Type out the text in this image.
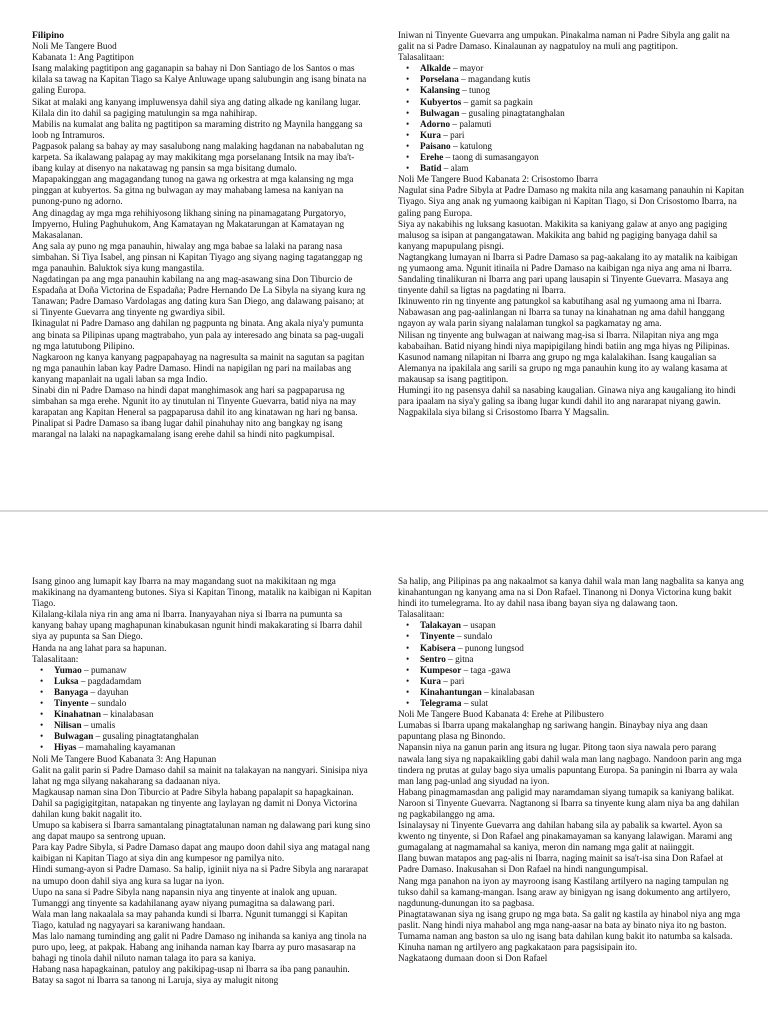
Filipino

Noli Me Tangere Buod

Kabanata 1: Ang Pagtitipon

Isang malaking pagtitipon ang gaganapin sa bahay ni Don Santiago de los Santos o mas kilala sa tawag na Kapitan Tiago sa Kalye Anluwage upang salubungin ang isang binata na galing Europa.

Sikat at malaki ang kanyang impluwensya dahil siya ang dating alkade ng kanilang lugar. Kilala din ito dahil sa pagiging matulungin sa mga nahihirap.

Mabilis na kumalat ang balita ng pagtitipon sa maraming distrito ng Maynila hanggang sa loob ng Intramuros.

Pagpasok palang sa bahay ay may sasalubong nang malaking hagdanan na nababalutan ng karpeta. Sa ikalawang palapag ay may makikitang mga porselanang Intsik na may iba't-ibang kulay at disenyo na nakatawag ng pansin sa mga bisitang dumalo.

Mapapakinggan ang magagandang tunog na gawa ng orkestra at mga kalansing ng mga pinggan at kubyertos. Sa gitna ng bulwagan ay may mahabang lamesa na kaniyan na punong-puno ng adorno.

Ang dinagdag ay mga mga rehihiyosong likhang sining na pinamagatang Purgatoryo, Impyerno, Huling Paghuhukom, Ang Kamatayan ng Makatarungan at Kamatayan ng Makasalanan.

Ang sala ay puno ng mga panauhin, hiwalay ang mga babae sa lalaki na parang nasa simbahan. Si Tiya Isabel, ang pinsan ni Kapitan Tiyago ang siyang naging tagatanggap ng mga panauhin. Baluktok siya kung mangastila.

Nagdatingan pa ang mga panauhin kabilang na ang mag-asawang sina Don Tiburcio de Espadaña at Doña Victorina de Espadaña; Padre Hernando De La Sibyla na siyang kura ng Tanawan; Padre Damaso Vardolagas ang dating kura San Diego, ang dalawang paisano; at si Tinyente Guevarra ang tinyente ng gwardiya sibil.

Ikinagulat ni Padre Damaso ang dahilan ng pagpunta ng binata. Ang akala niya'y pumunta ang binata sa Pilipinas upang magtrabaho, yun pala ay interesado ang binata sa pag-uugali ng mga latutubong Pilipino.

Nagkaroon ng kanya kanyang pagpapahayag na nagresulta sa mainit na sagutan sa pagitan ng mga panauhin laban kay Padre Damaso. Hindi na napigilan ng pari na mailabas ang kanyang mapanlait na ugali laban sa mga Indio.

Sinabi din ni Padre Damaso na hindi dapat manghimasok ang hari sa pagpaparusa ng simbahan sa mga erehe. Ngunit ito ay tinutulan ni Tinyente Guevarra, batid niya na may karapatan ang Kapitan Heneral sa pagpaparusa dahil ito ang kinatawan ng hari ng bansa.

Pinalipat si Padre Damaso sa ibang lugar dahil pinahuhay nito ang bangkay ng isang marangal na lalaki na napagkamalang isang erehe dahil sa hindi nito pagkumpisal.

Iniwan ni Tinyente Guevarra ang umpukan. Pinakalma naman ni Padre Sibyla ang galit na galit na si Padre Damaso. Kinalaunan ay nagpatuloy na muli ang pagtitipon.

Talasalitaan:

• Alkalde – mayor
• Porselana – magandang kutis
• Kalansing – tunog
• Kubyertos – gamit sa pagkain
• Bulwagan – gusaling pinagtatanghalan
• Adorno – palamuti
• Kura – pari
• Paisano – katulong
• Erehe – taong di sumasangayon
• Batid – alam

Noli Me Tangere Buod Kabanata 2: Crisostomo Ibarra

Nagulat sina Padre Sibyla at Padre Damaso ng makita nila ang kasamang panauhin ni Kapitan Tiyago. Siya ang anak ng yumaong kaibigan ni Kapitan Tiago, si Don Crisostomo Ibarra, na galing pang Europa.

Siya ay nakabihis ng luksang kasuotan. Makikita sa kaniyang galaw at anyo ang pagiging malusog sa isipan at pangangatawan. Makikita ang bahid ng pagiging banyaga dahil sa kanyang mapupulang pisngi.

Nagtangkang lumayan ni Ibarra si Padre Damaso sa pag-aakalang ito ay matalik na kaibigan ng yumaong ama. Ngunit itinaila ni Padre Damaso na kaibigan nga niya ang ama ni Ibarra.

Sandaling tinalikuran ni Ibarra ang pari upang lausapin si Tinyente Guevarra. Masaya ang tinyente dahil sa ligtas na pagdating ni Ibarra.

Ikinuwento rin ng tinyente ang patungkol sa kabutihang asal ng yumaong ama ni Ibarra. Nabawasan ang pag-aalinlangan ni Ibarra sa tunay na kinahatnan ng ama dahil hanggang ngayon ay wala parin siyang nalalaman tungkol sa pagkamatay ng ama.

Nilisan ng tinyente ang bulwagan at naiwang mag-isa si Ibarra. Nilapitan niya ang mga kababaihan. Batid niyang hindi niya mapipigilang hindi batiin ang mga hiyas ng Pilipinas.

Kasunod namang nilapitan ni Ibarra ang grupo ng mga kalalakihan. Isang kaugalian sa Alemanya na ipakilala ang sarili sa grupo ng mga panauhin kung ito ay walang kasama at makausap sa isang pagtitipon.

Humingi ito ng pasensya dahil sa nasabing kaugalian. Ginawa niya ang kaugaliang ito hindi para ipaalam na siya'y galing sa ibang lugar kundi dahil ito ang nararapat niyang gawin. Nagpakilala siya bilang si Crisostomo Ibarra Y Magsalin.

Isang ginoo ang lumapit kay Ibarra na may magandang suot na makikitaan ng mga makikinang na dyamanteng butones. Siya si Kapitan Tinong, matalik na kaibigan ni Kapitan Tiago.

Kilalang-kilala niya rin ang ama ni Ibarra. Inanyayahan niya si Ibarra na pumunta sa kanyang bahay upang maghapunan kinabukasan ngunit hindi makakarating si Ibarra dahil siya ay pupunta sa San Diego.

Handa na ang lahat para sa hapunan.

Talasalitaan:

• Yumao – pumanaw
• Luksa – pagdadamdam
• Banyaga – dayuhan
• Tinyente – sundalo
• Kinahatnan – kinalabasan
• Nilisan – umalis
• Bulwagan – gusaling pinagtatanghalan
• Hiyas – mamahaling kayamanan

Noli Me Tangere Buod Kabanata 3: Ang Hapunan

Galit na galit parin si Padre Damaso dahil sa mainit na talakayan na nangyari. Sinisipa niya lahat ng mga silyang nakaharang sa dadaanan niya.

Magkausap naman sina Don Tiburcio at Padre Sibyla habang papalapit sa hapagkainan. Dahil sa pagigigitgitan, natapakan ng tinyente ang laylayan ng damit ni Donya Victorina dahilan kung bakit nagalit ito.

Umupo sa kabisera si Ibarra samantalang pinagtatalunan naman ng dalawang pari kung sino ang dapat maupo sa sentrong upuan.

Para kay Padre Sibyla, si Padre Damaso dapat ang maupo doon dahil siya ang matagal nang kaibigan ni Kapitan Tiago at siya din ang kumpesor ng pamilya nito.

Hindi sumang-ayon si Padre Damaso. Sa halip, iginiit niya na si Padre Sibyla ang nararapat na umupo doon dahil siya ang kura sa lugar na iyon.

Uupo na sana si Padre Sibyla nang napansin niya ang tinyente at inalok ang upuan. Tumanggi ang tinyente sa kadahilanang ayaw niyang pumagitna sa dalawang pari.

Wala man lang nakaalala sa may pahanda kundi si Ibarra. Ngunit tumanggi si Kapitan Tiago, katulad ng nagyayari sa karaniwang handaan.

Mas lalo namang tuminding ang galit ni Padre Damaso ng inihanda sa kaniya ang tinola na puro upo, leeg, at pakpak. Habang ang inihanda naman kay Ibarra ay puro masasarap na bahagi ng tinola dahil niluto naman talaga ito para sa kaniya.

Habang nasa hapagkainan, patuloy ang pakikipag-usap ni Ibarra sa iba pang panauhin. Batay sa sagot ni Ibarra sa tanong ni Laruja, siya ay malugit nitong

Sa halip, ang Pilipinas pa ang nakaalmot sa kanya dahil wala man lang nagbalita sa kanya ang kinahantungan ng kanyang ama na si Don Rafael. Tinanong ni Donya Victorina kung bakit hindi ito tumelegrama. Ito ay dahil nasa ibang bayan siya ng dalawang taon.

Talasalitaan:

• Talakayan – usapan
• Tinyente – sundalo
• Kabisera – punong lungsod
• Sentro – gitna
• Kumpesor – taga -gawa
• Kura – pari
• Kinahantungan – kinalabasan
• Telegrama – sulat

Noli Me Tangere Buod Kabanata 4: Erehe at Pilibustero

Lumabas si Ibarra upang makalanghap ng sariwang hangin. Binaybay niya ang daan papuntang plasa ng Binondo.

Napansin niya na ganun parin ang itsura ng lugar. Pitong taon siya nawala pero parang nawala lang siya ng napakaikling gabi dahil wala man lang nagbago. Nandoon parin ang mga tindera ng prutas at gulay bago siya umalis papuntang Europa. Sa paningin ni Ibarra ay wala man lang pag-unlad ang siyudad na iyon.

Habang pinagmamasdan ang paligid may naramdaman siyang tumapik sa kaniyang balikat. Naroon si Tinyente Guevarra. Nagtanong si Ibarra sa tinyente kung alam niya ba ang dahilan ng pagkabilanggo ng ama.

Isinalaysay ni Tinyente Guevarra ang dahilan habang sila ay pabalik sa kwartel. Ayon sa kwento ng tinyente, si Don Rafael ang pinakamayaman sa kanyang lalawigan. Marami ang gumagalang at nagmamahal sa kaniya, meron din namang mga galit at naiinggit.

Ilang buwan matapos ang pag-alis ni Ibarra, naging mainit sa isa't-isa sina Don Rafael at Padre Damaso. Inakusahan si Don Rafael na hindi nangungumpisal.

Nang mga panahon na iyon ay mayroong isang Kastilang artilyero na naging tampulan ng tukso dahil sa kamang-mangan. Isang araw ay binigyan ng isang dokumento ang artilyero, nagdunung-dunungan ito sa pagbasa.

Pinagtatawanan siya ng isang grupo ng mga bata. Sa galit ng kastila ay hinabol niya ang mga paslit. Nang hindi niya mahabol ang mga nang-aasar na bata ay binato niya ito ng baston.

Tumama naman ang baston sa ulo ng isang bata dahilan kung bakit ito natumba sa kalsada. Kinuha naman ng artilyero ang pagkakataon para pagsisipain ito.

Nagkataong dumaan doon si Don Rafael
